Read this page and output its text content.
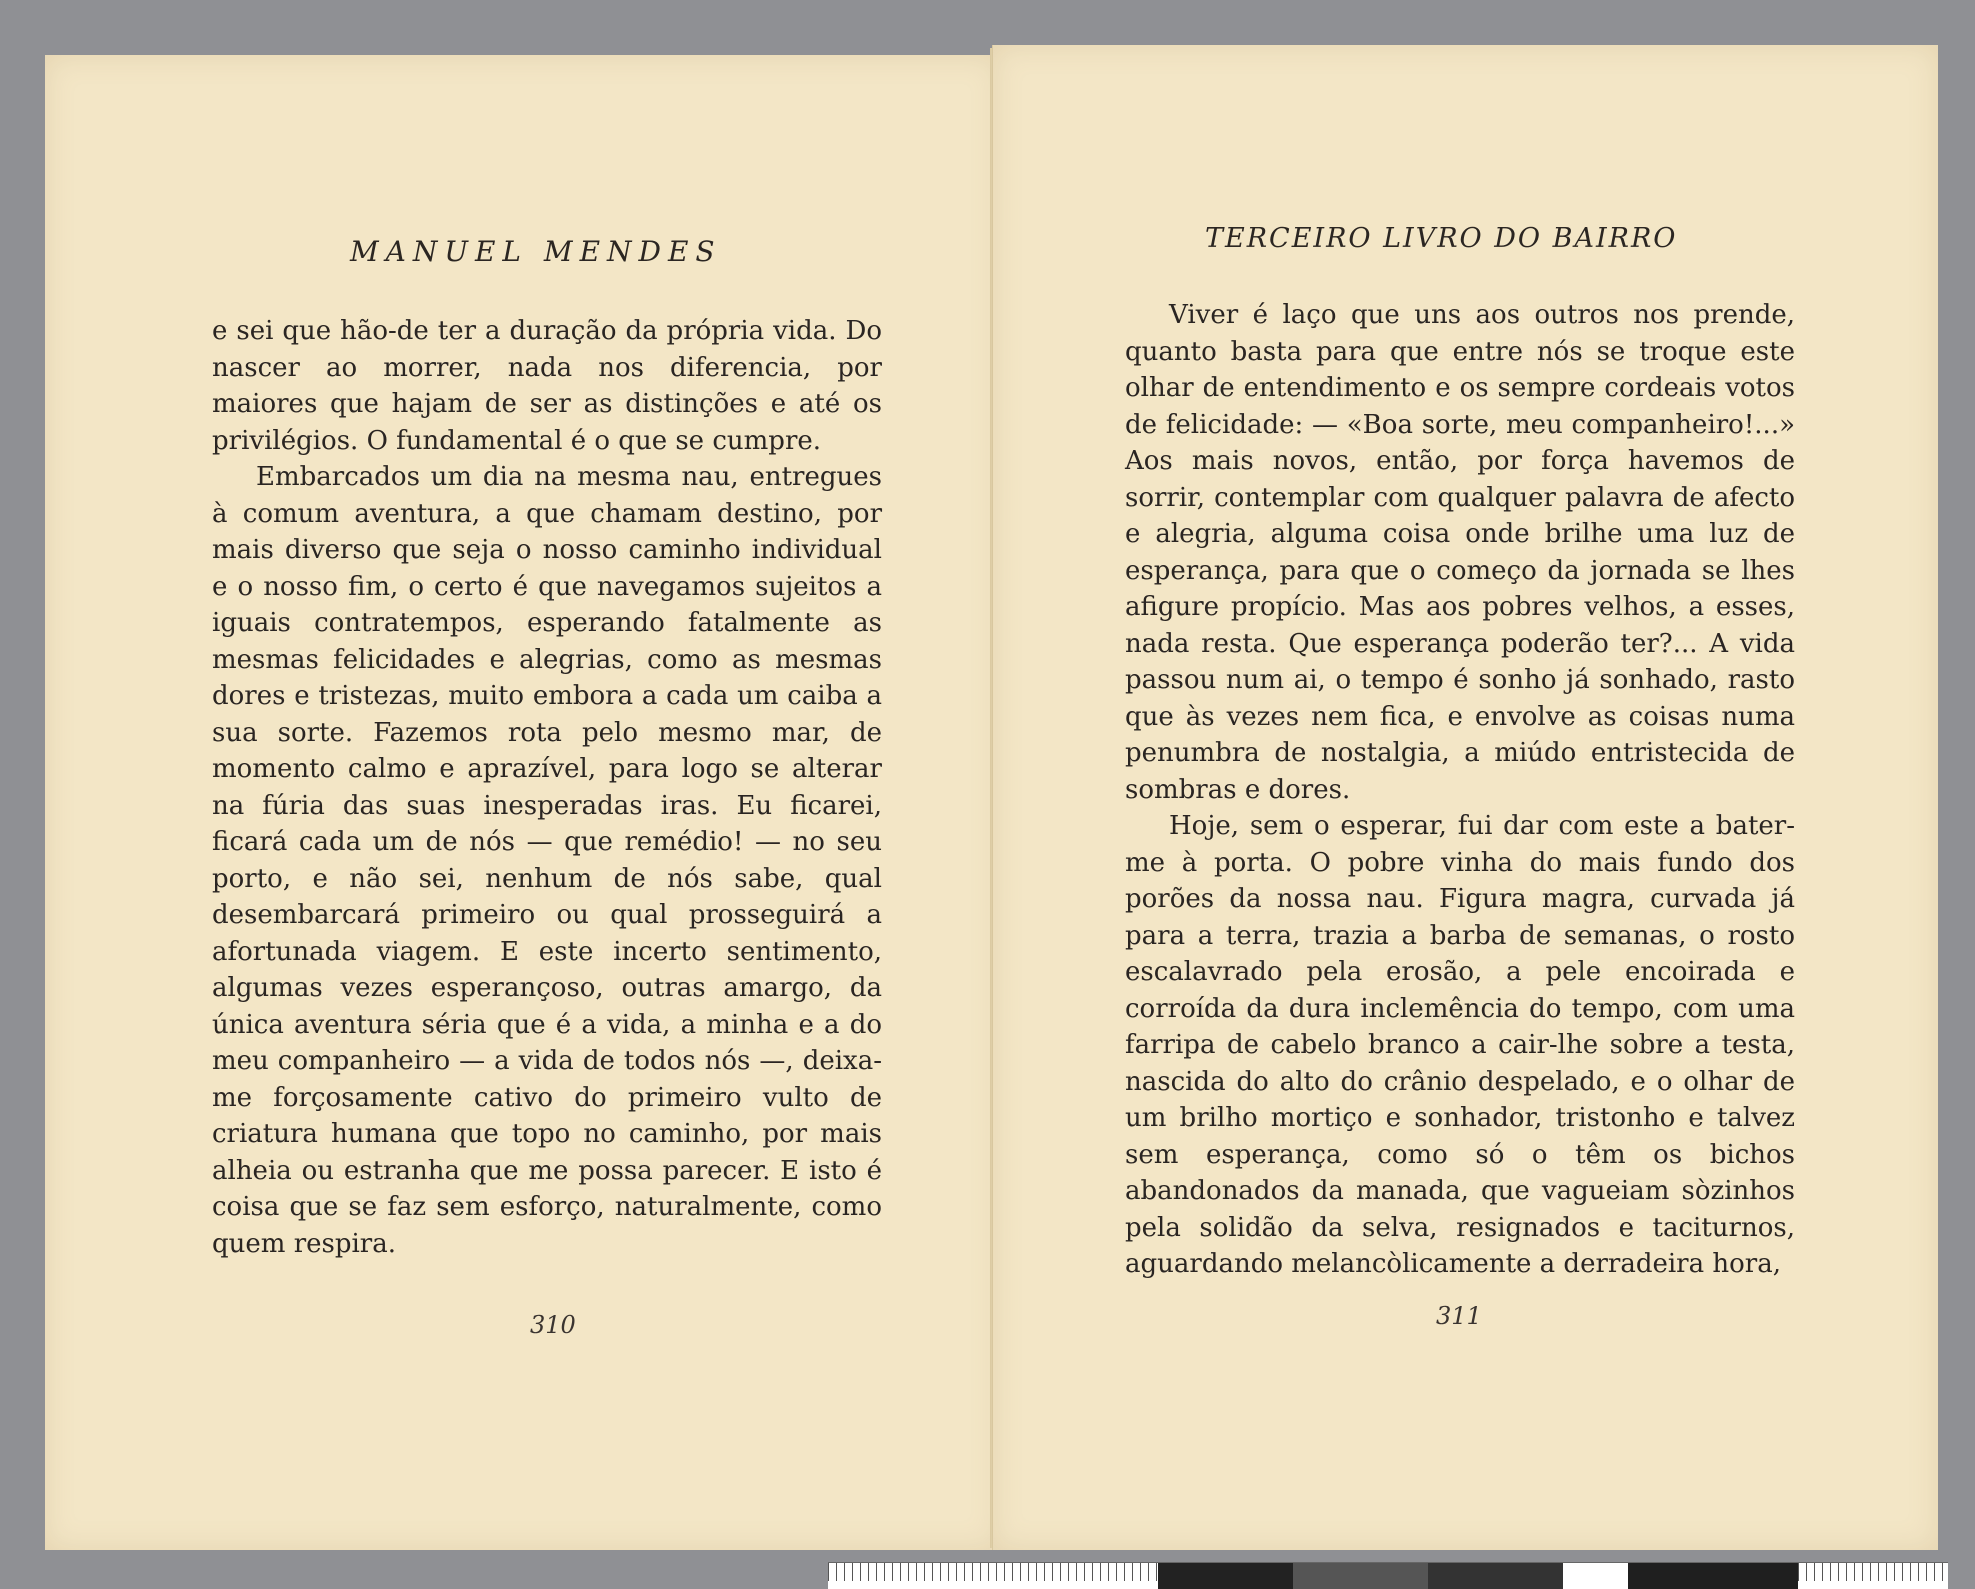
MANUEL MENDES

e sei que hão-de ter a duração da própria vida. Do nascer ao morrer, nada nos diferencia, por maiores que hajam de ser as distinções e até os privilégios. O fundamental é o que se cumpre.

Embarcados um dia na mesma nau, entregues à comum aventura, a que chamam destino, por mais diverso que seja o nosso caminho individual e o nosso fim, o certo é que navegamos sujeitos a iguais contratempos, esperando fatalmente as mesmas felicidades e alegrias, como as mesmas dores e tristezas, muito embora a cada um caiba a sua sorte. Fazemos rota pelo mesmo mar, de momento calmo e aprazível, para logo se alterar na fúria das suas inesperadas iras. Eu ficarei, ficará cada um de nós — que remédio! — no seu porto, e não sei, nenhum de nós sabe, qual desembarcará primeiro ou qual prosseguirá a afortunada viagem. E este incerto sentimento, algumas vezes esperançoso, outras amargo, da única aventura séria que é a vida, a minha e a do meu companheiro — a vida de todos nós —, deixa-me forçosamente cativo do primeiro vulto de criatura humana que topo no caminho, por mais alheia ou estranha que me possa parecer. E isto é coisa que se faz sem esforço, naturalmente, como quem respira.

310
TERCEIRO LIVRO DO BAIRRO

Viver é laço que uns aos outros nos prende, quanto basta para que entre nós se troque este olhar de entendimento e os sempre cordeais votos de felicidade: — «Boa sorte, meu companheiro!...» Aos mais novos, então, por força havemos de sorrir, contemplar com qualquer palavra de afecto e alegria, alguma coisa onde brilhe uma luz de esperança, para que o começo da jornada se lhes afigure propício. Mas aos pobres velhos, a esses, nada resta. Que esperança poderão ter?... A vida passou num ai, o tempo é sonho já sonhado, rasto que às vezes nem fica, e envolve as coisas numa penumbra de nostalgia, a miúdo entristecida de sombras e dores.

Hoje, sem o esperar, fui dar com este a bater-me à porta. O pobre vinha do mais fundo dos porões da nossa nau. Figura magra, curvada já para a terra, trazia a barba de semanas, o rosto escalavrado pela erosão, a pele encoirada e corroída da dura inclemência do tempo, com uma farripa de cabelo branco a cair-lhe sobre a testa, nascida do alto do crânio despelado, e o olhar de um brilho mortiço e sonhador, tristonho e talvez sem esperança, como só o têm os bichos abandonados da manada, que vagueiam sòzinhos pela solidão da selva, resignados e taciturnos, aguardando melancòlicamente a derradeira hora,

311
